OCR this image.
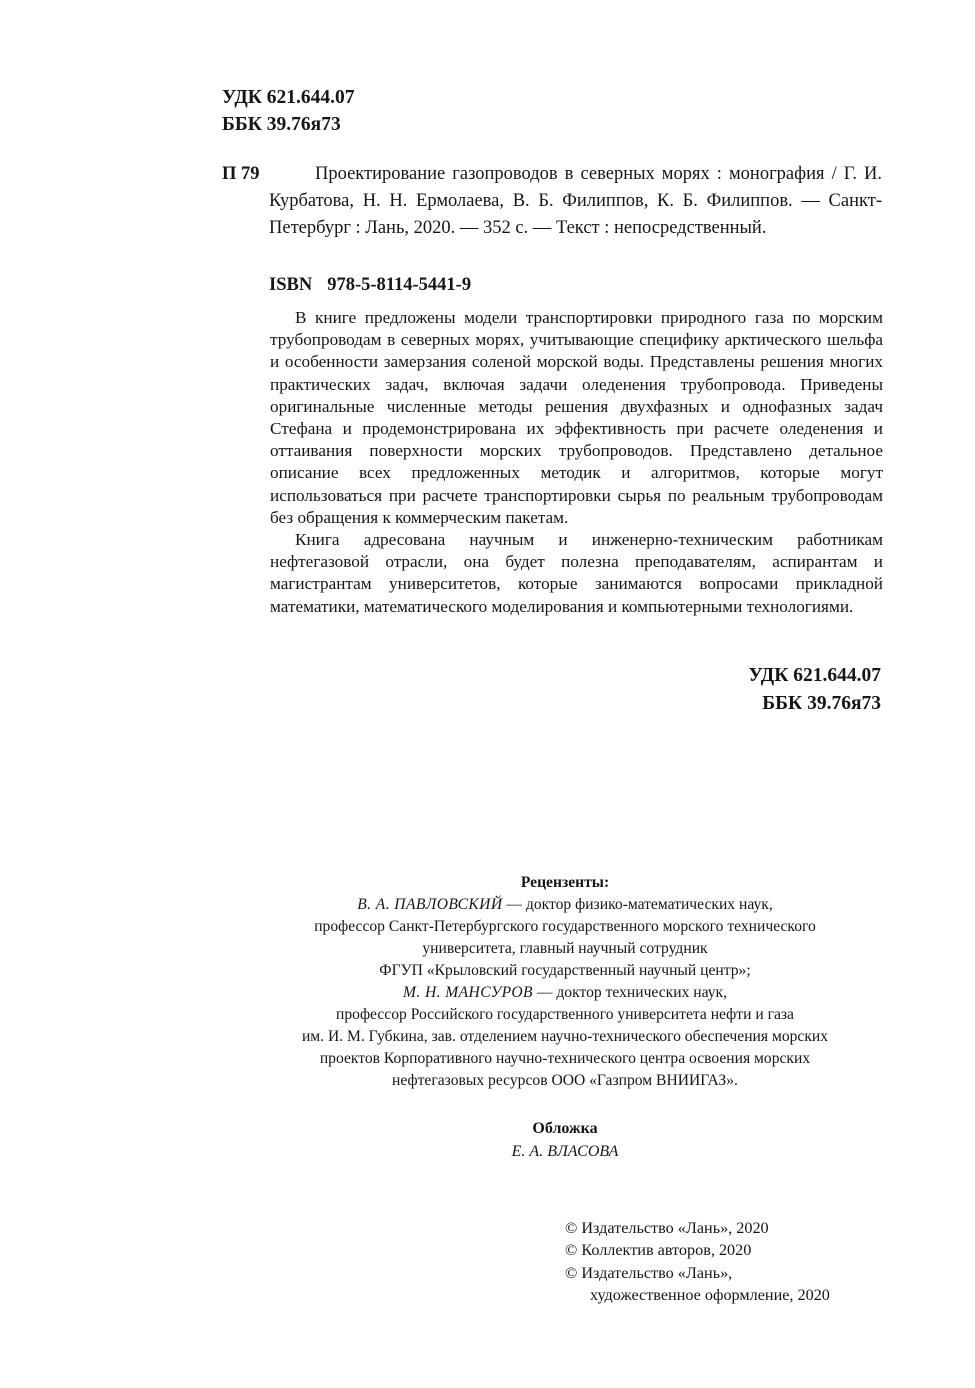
УДК 621.644.07
ББК 39.76я73
П 79	Проектирование газопроводов в северных морях : монография / Г. И. Курбатова, Н. Н. Ермолаева, В. Б. Филиппов, К. Б. Филиппов. — Санкт-Петербург : Лань, 2020. — 352 с. — Текст : непосредственный.

ISBN 978-5-8114-5441-9

В книге предложены модели транспортировки природного газа по морским трубопроводам в северных морях, учитывающие специфику арктического шельфа и особенности замерзания соленой морской воды. Представлены решения многих практических задач, включая задачи оледенения трубопровода. Приведены оригинальные численные методы решения двухфазных и однофазных задач Стефана и продемонстрирована их эффективность при расчете оледенения и оттаивания поверхности морских трубопроводов. Представлено детальное описание всех предложенных методик и алгоритмов, которые могут использоваться при расчете транспортировки сырья по реальным трубопроводам без обращения к коммерческим пакетам.

Книга адресована научным и инженерно-техническим работникам нефтегазовой отрасли, она будет полезна преподавателям, аспирантам и магистрантам университетов, которые занимаются вопросами прикладной математики, математического моделирования и компьютерными технологиями.

УДК 621.644.07
ББК 39.76я73
Рецензенты:
В. А. ПАВЛОВСКИЙ — доктор физико-математических наук,
профессор Санкт-Петербургского государственного морского технического
университета, главный научный сотрудник
ФГУП «Крыловский государственный научный центр»;
М. Н. МАНСУРОВ — доктор технических наук,
профессор Российского государственного университета нефти и газа
им. И. М. Губкина, зав. отделением научно-технического обеспечения морских
проектов Корпоративного научно-технического центра освоения морских
нефтегазовых ресурсов ООО «Газпром ВНИИГАЗ».
Обложка
Е. А. ВЛАСОВА
© Издательство «Лань», 2020
© Коллектив авторов, 2020
© Издательство «Лань»,
художественное оформление, 2020
